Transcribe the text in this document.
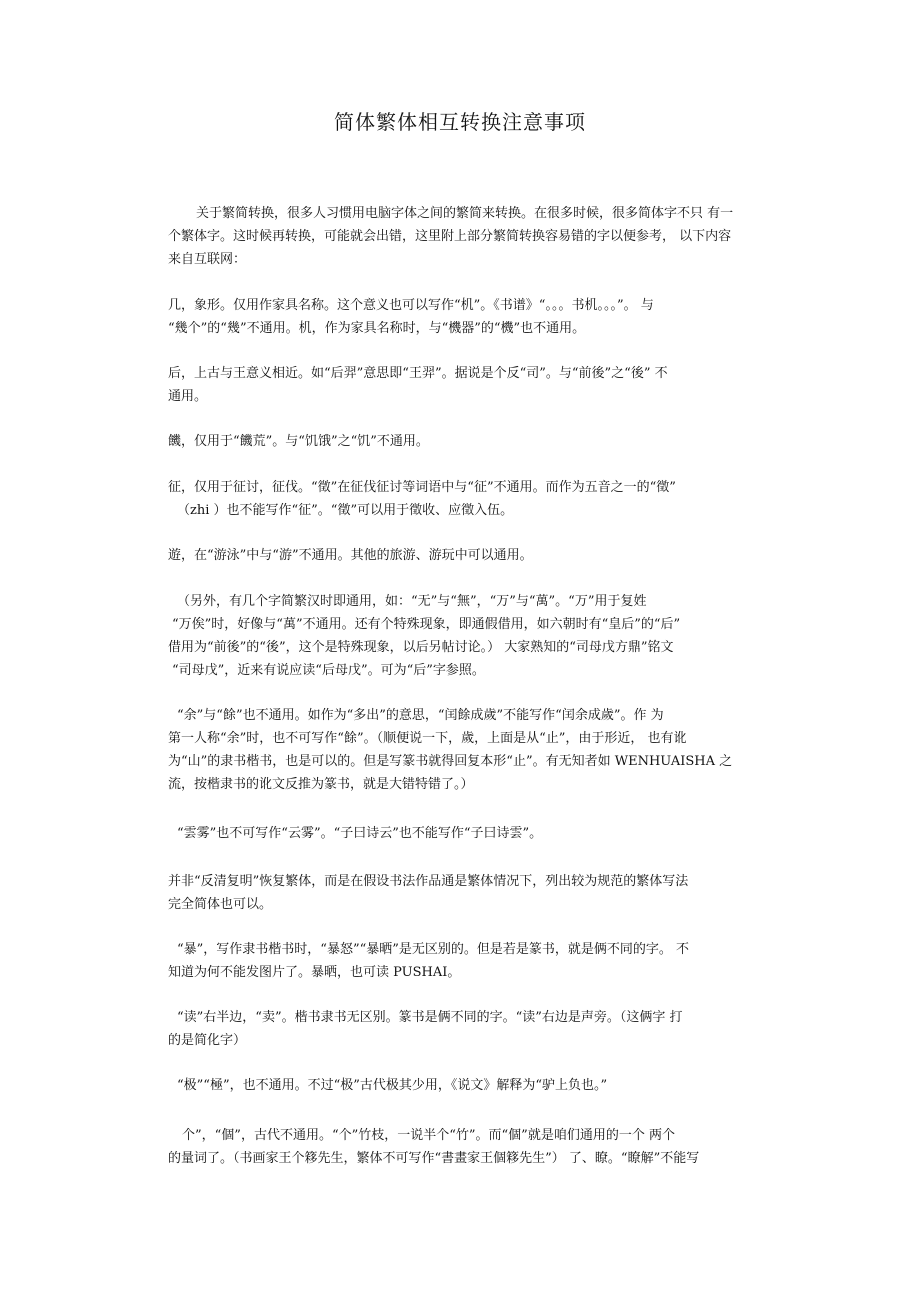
简体繁体相互转换注意事项

关于繁简转换，很多人习惯用电脑字体之间的繁简来转换。在很多时候，很多简体字不只 有一
个繁体字。这时候再转换，可能就会出错，这里附上部分繁简转换容易错的字以便参考， 以下内容
来自互联网：

几，象形。仅用作家具名称。这个意义也可以写作“机”。《书谱》“。。。书机。。。”。 与
“幾个”的“幾”不通用。机，作为家具名称时，与“機器”的“機”也不通用。

后，上古与王意义相近。如“后羿”意思即“王羿”。据说是个反“司”。与“前後”之“後” 不
通用。

饑，仅用于“饑荒”。与“饥饿”之“饥”不通用。

征，仅用于征讨，征伐。“徵”在征伐征讨等词语中与“征”不通用。而作为五音之一的“徵”
（zhi ）也不能写作“征”。“徵”可以用于徵收、应徵入伍。

遊，在“游泳”中与“游”不通用。其他的旅游、游玩中可以通用。

（另外，有几个字简繁汉时即通用，如：“无”与“無”，“万”与“萬”。“万”用于复姓
“万俟”时，好像与“萬”不通用。还有个特殊现象，即通假借用，如六朝时有“皇后”的“后”
借用为“前後”的“後”，这个是特殊现象，以后另帖讨论。） 大家熟知的“司母戊方鼎”铭文
“司母戊”，近来有说应读“后母戊”。可为“后”字参照。

“余”与“餘”也不通用。如作为“多出”的意思，“闰餘成歲”不能写作“闰余成歲”。作 为
第一人称“余”时，也不可写作“餘”。（顺便说一下，歲，上面是从“止”，由于形近， 也有讹
为“山”的隶书楷书，也是可以的。但是写篆书就得回复本形“止”。有无知者如 WENHUAISHA 之
流，按楷隶书的讹文反推为篆书，就是大错特错了。）

“雲雾”也不可写作“云雾”。“子曰诗云”也不能写作“子曰诗雲”。

并非“反清复明”恢复繁体，而是在假设书法作品通是繁体情况下，列出较为规范的繁体写法
完全简体也可以。

“暴”，写作隶书楷书时，“暴怒”“暴晒”是无区别的。但是若是篆书，就是俩不同的字。 不
知道为何不能发图片了。暴晒，也可读 PUSHAI。

“读”右半边，“卖”。楷书隶书无区别。篆书是俩不同的字。“读”右边是声旁。（这俩字 打
的是简化字）

“极”“極”，也不通用。不过“极”古代极其少用，《说文》解释为“驴上负也。”

个”，“個”，古代不通用。“个”竹枝，一说半个“竹”。而“個”就是咱们通用的一个 两个
的量词了。（书画家王个簃先生，繁体不可写作“書畫家王個簃先生”） 了、瞭。“瞭解”不能写
